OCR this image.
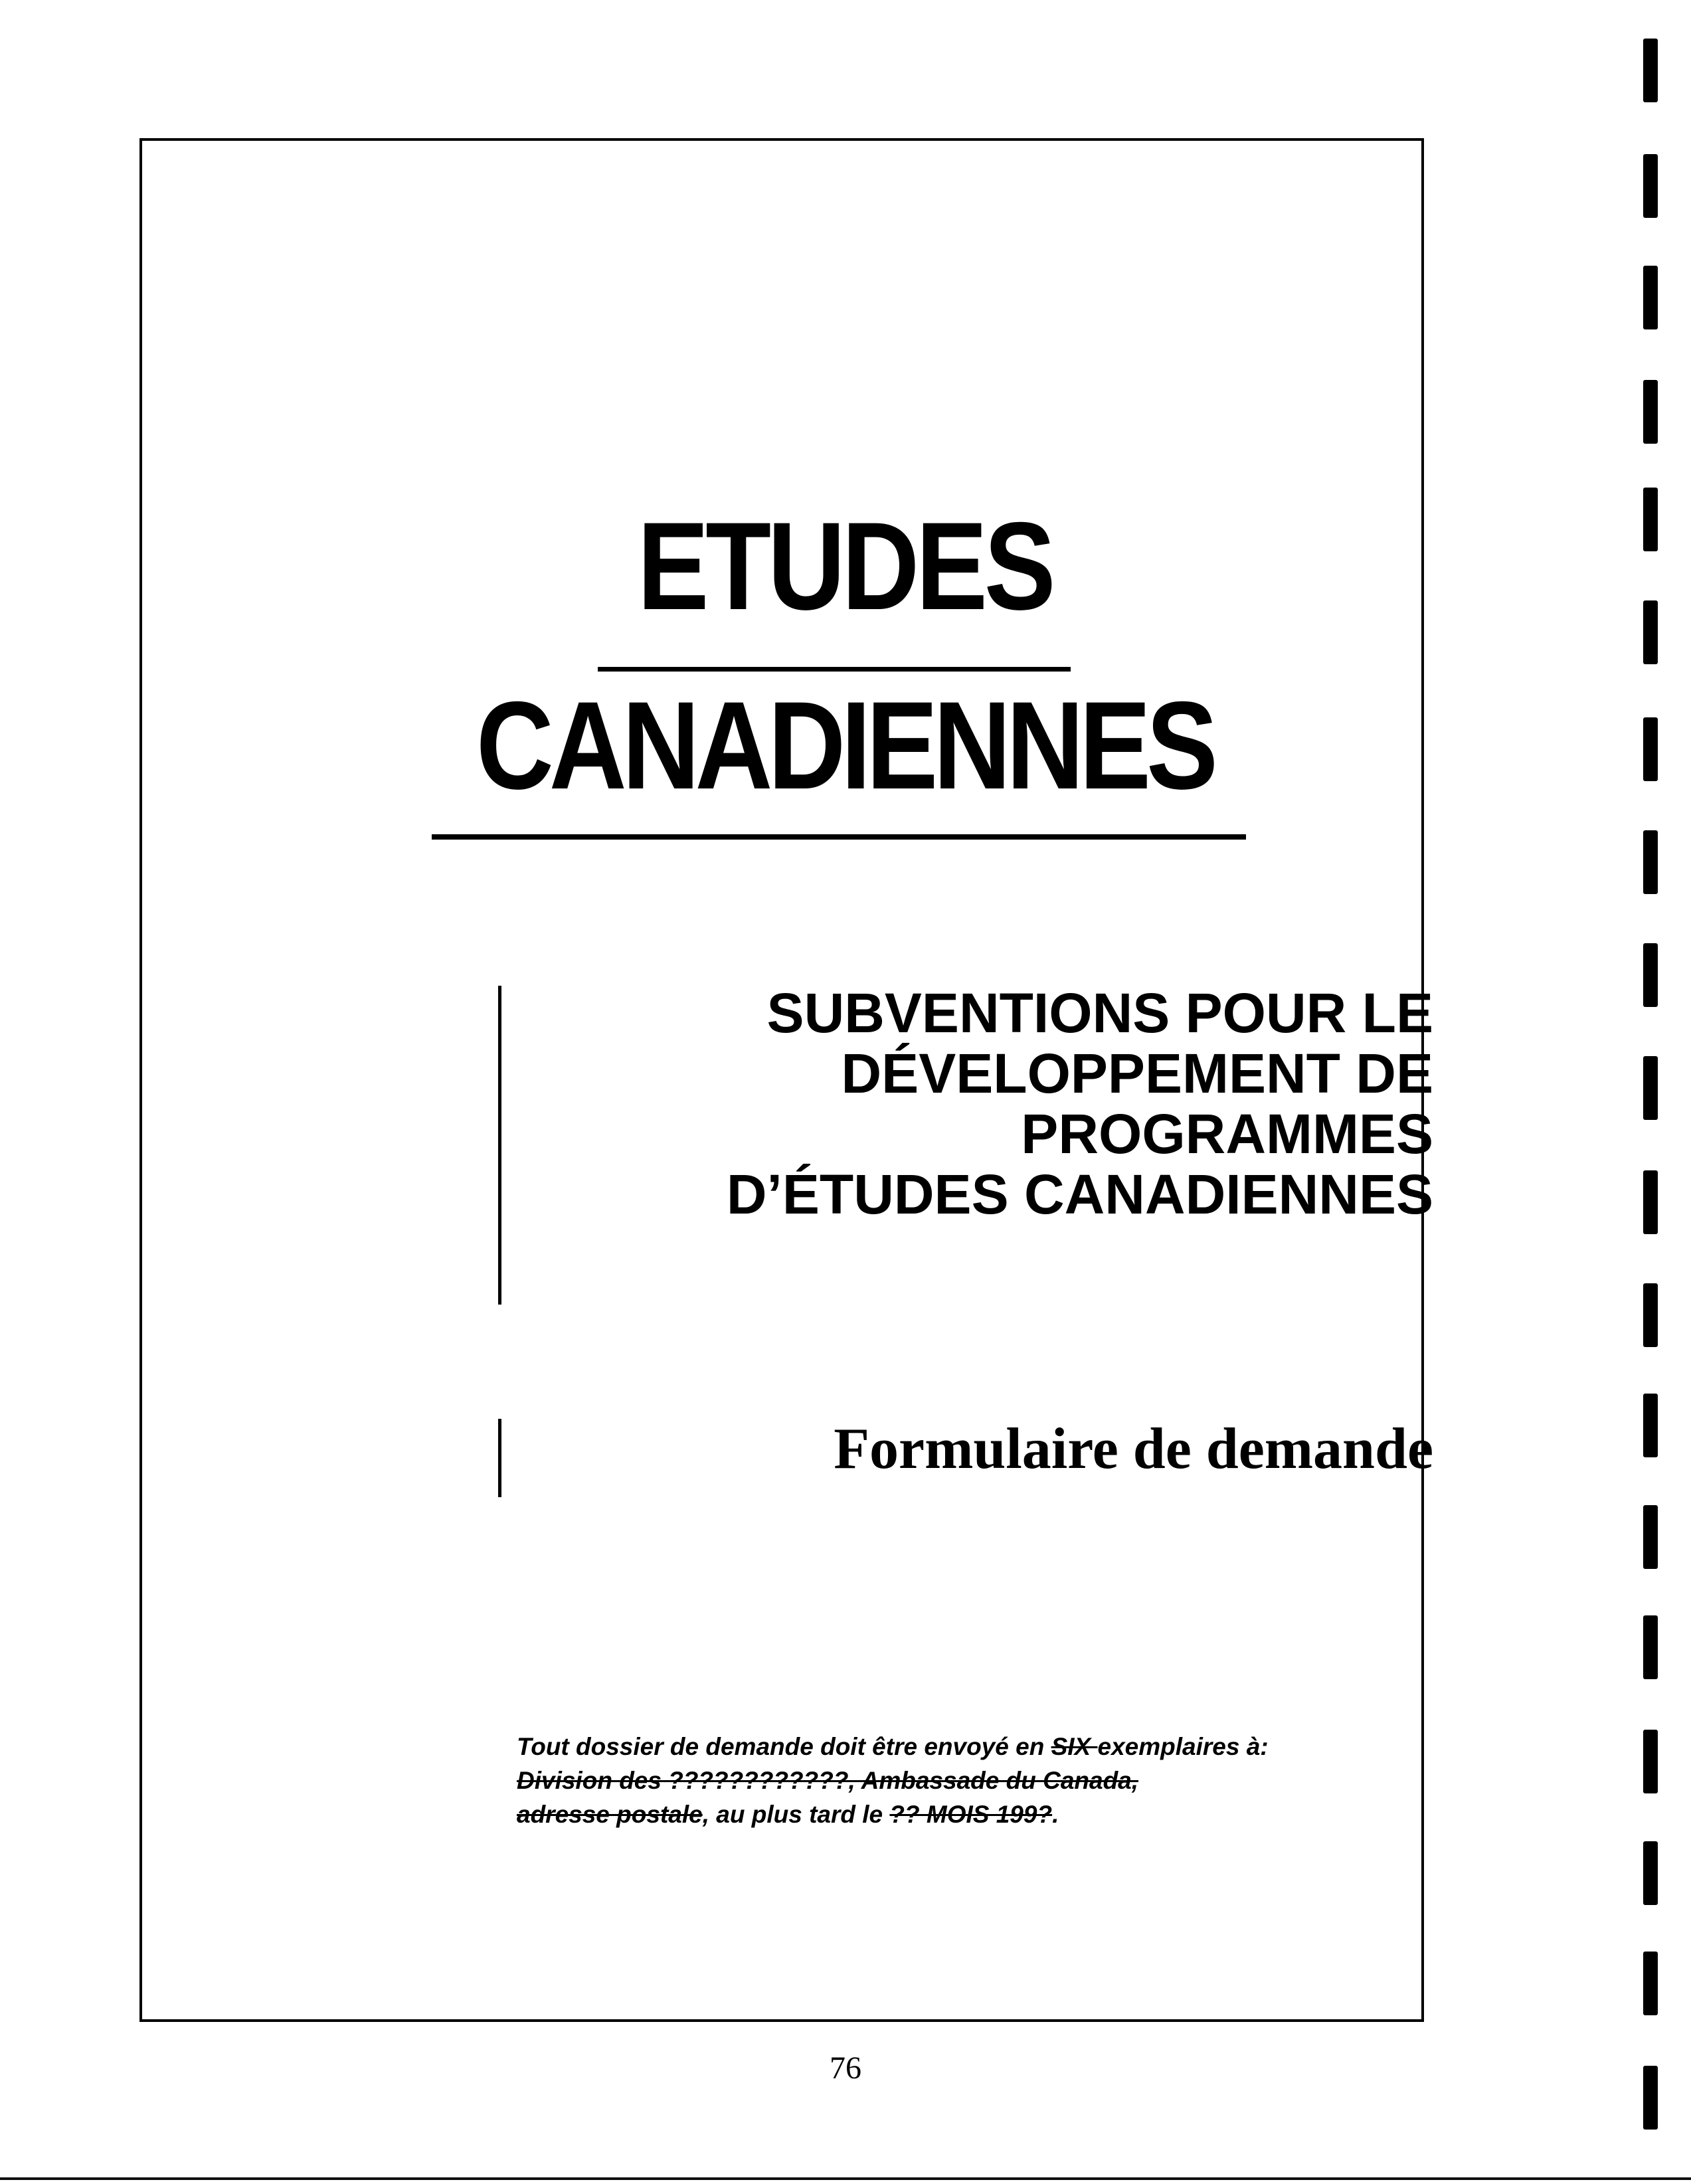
ETUDES
CANADIENNES
SUBVENTIONS POUR LE
DÉVELOPPEMENT DE
PROGRAMMES
D’ÉTUDES CANADIENNES
Formulaire de demande
Tout dossier de demande doit être envoyé en SIX exemplaires à:
Division des ????????????, Ambassade du Canada,
adresse postale, au plus tard le ?? MOIS 199?.
76
